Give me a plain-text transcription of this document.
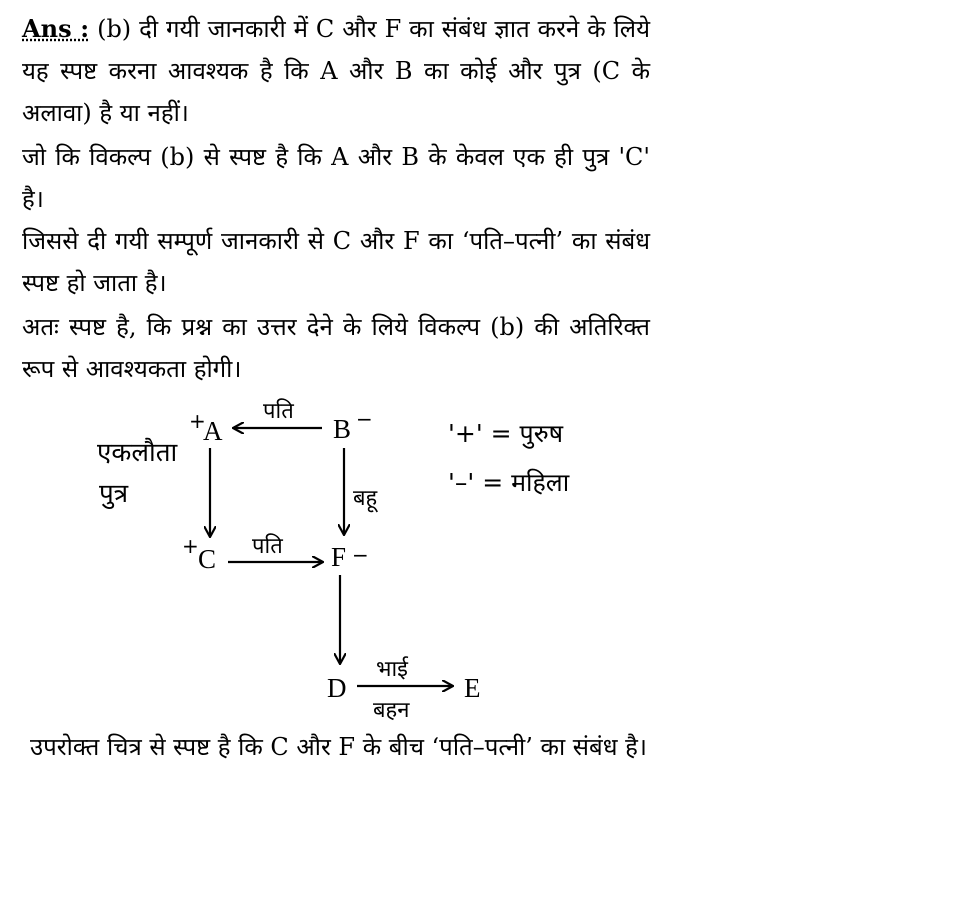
Ans : (b) दी गयी जानकारी में C और F का संबंध ज्ञात करने के लिये यह स्पष्ट करना आवश्यक है कि A और B का कोई और पुत्र (C के अलावा) है या नहीं।
जो कि विकल्प (b) से स्पष्ट है कि A और B के केवल एक ही पुत्र 'C' है।
जिससे दी गयी सम्पूर्ण जानकारी से C और F का ‘पति–पत्नी’ का संबंध स्पष्ट हो जाता है।
अतः स्पष्ट है, कि प्रश्न का उत्तर देने के लिये विकल्प (b) की अतिरिक्त रूप से आवश्यकता होगी।
+
A	B −
+ C	F −
D	E
पति
पति
बहू
एकलौता
पुत्र
भाई
बहन
'+' = पुरुष
'–' = महिला
उपरोक्त चित्र से स्पष्ट है कि C और F के बीच ‘पति–पत्नी’ का संबंध है।
